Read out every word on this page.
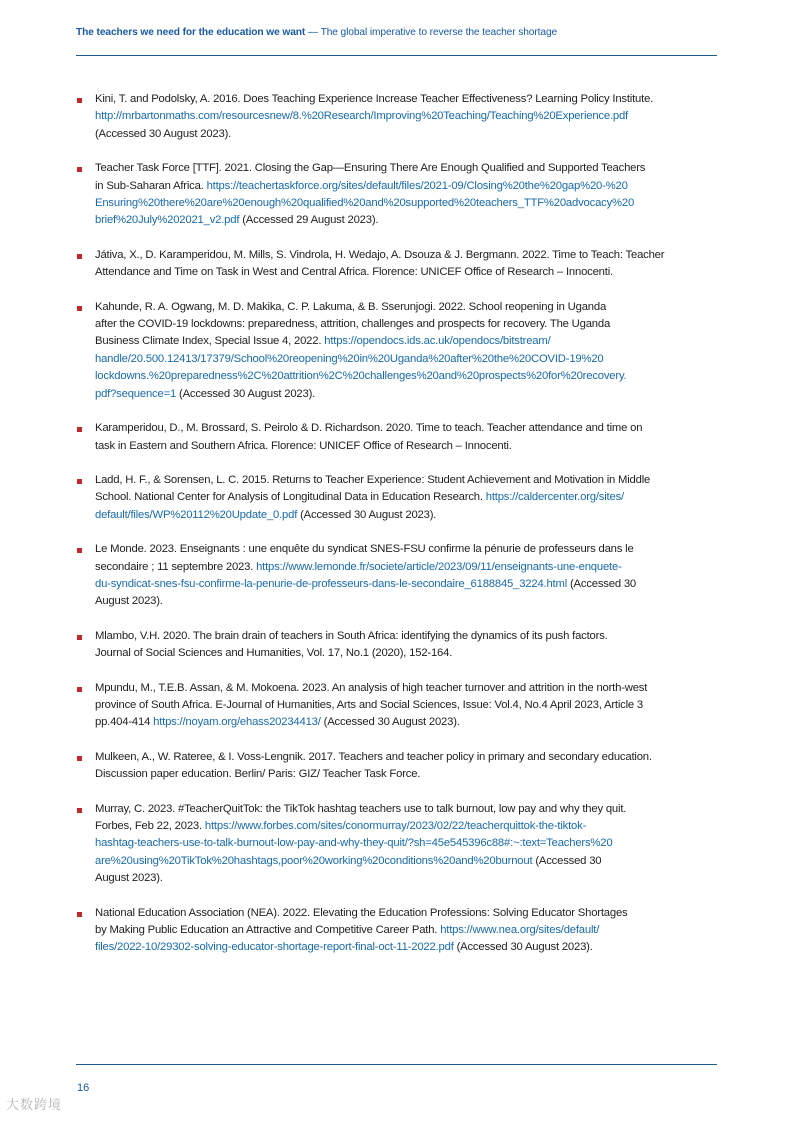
The teachers we need for the education we want — The global imperative to reverse the teacher shortage
Kini, T. and Podolsky, A. 2016. Does Teaching Experience Increase Teacher Effectiveness? Learning Policy Institute.
http://mrbartonmaths.com/resourcesnew/8.%20Research/Improving%20Teaching/Teaching%20Experience.pdf
(Accessed 30 August 2023).
Teacher Task Force [TTF]. 2021. Closing the Gap—Ensuring There Are Enough Qualified and Supported Teachers
in Sub-Saharan Africa. https://teachertaskforce.org/sites/default/files/2021-09/Closing%20thе%20gap%20-%20
Ensuring%20thеre%20are%20enough%20qualified%20and%20supported%20teachers_TTF%20advocacy%20
brief%20July%202021_v2.pdf (Accessed 29 August 2023).
Játiva, X., D. Karamperidou, M. Mills, S. Vindrola, H. Wedajo, A. Dsouza & J. Bergmann. 2022. Time to Teach: Teacher
Attendance and Time on Task in West and Central Africa. Florence: UNICEF Office of Research – Innocenti.
Kahunde, R. A. Ogwang, M. D. Makika, C. P. Lakuma, & B. Sserunjogi. 2022. School reopening in Uganda
after the COVID-19 lockdowns: preparedness, attrition, challenges and prospects for recovery. The Uganda
Business Climate Index, Special Issue 4, 2022. https://opendocs.ids.ac.uk/opendocs/bitstream/
handle/20.500.12413/17379/School%20reopening%20in%20Uganda%20after%20thе%20COVID-19%20
lockdowns.%20preparedness%2C%20attrition%2C%20challenges%20and%20prospects%20for%20recovery.
pdf?sequence=1 (Accessed 30 August 2023).
Karamperidou, D., M. Brossard, S. Peirolo & D. Richardson. 2020. Time to teach. Teacher attendance and time on
task in Eastern and Southern Africa. Florence: UNICEF Office of Research – Innocenti.
Ladd, H. F., & Sorensen, L. C. 2015. Returns to Teacher Experience: Student Achievement and Motivation in Middle
School. National Center for Analysis of Longitudinal Data in Education Research. https://caldercenter.org/sites/
default/files/WP%20112%20Update_0.pdf (Accessed 30 August 2023).
Le Monde. 2023. Enseignants : une enquête du syndicat SNES-FSU confirme la pénurie de professeurs dans le
secondaire ; 11 septembre 2023. https://www.lemonde.fr/societe/article/2023/09/11/enseignants-une-enquete-
du-syndicat-snes-fsu-confirme-la-penurie-de-professeurs-dans-le-secondaire_6188845_3224.html (Accessed 30
August 2023).
Mlambo, V.H. 2020. The brain drain of teachers in South Africa: identifying the dynamics of its push factors.
Journal of Social Sciences and Humanities, Vol. 17, No.1 (2020), 152-164.
Mpundu, M., T.E.B. Assan, & M. Mokoena. 2023. An analysis of high teacher turnover and attrition in the north-west
province of South Africa. E-Journal of Humanities, Arts and Social Sciences, Issue: Vol.4, No.4 April 2023, Article 3
pp.404-414 https://noyam.org/ehass20234413/ (Accessed 30 August 2023).
Mulkeen, A., W. Rateree, & I. Voss-Lengnik. 2017. Teachers and teacher policy in primary and secondary education.
Discussion paper education. Berlin/ Paris: GIZ/ Teacher Task Force.
Murray, C. 2023. #TeacherQuitTok: the TikTok hashtag teachers use to talk burnout, low pay and why they quit.
Forbes, Feb 22, 2023. https://www.forbes.com/sites/conormurray/2023/02/22/teacherquittok-the-tiktok-
hashtag-teachers-use-to-talk-burnout-low-pay-and-why-they-quit/?sh=45e545396c88#:~:text=Teachers%20
are%20using%20TikTok%20hashtags,poor%20working%20conditions%20and%20burnout (Accessed 30
August 2023).
National Education Association (NEA). 2022. Elevating the Education Professions: Solving Educator Shortages
by Making Public Education an Attractive and Competitive Career Path. https://www.nea.org/sites/default/
files/2022-10/29302-solving-educator-shortage-report-final-oct-11-2022.pdf (Accessed 30 August 2023).
16
大数跨境
